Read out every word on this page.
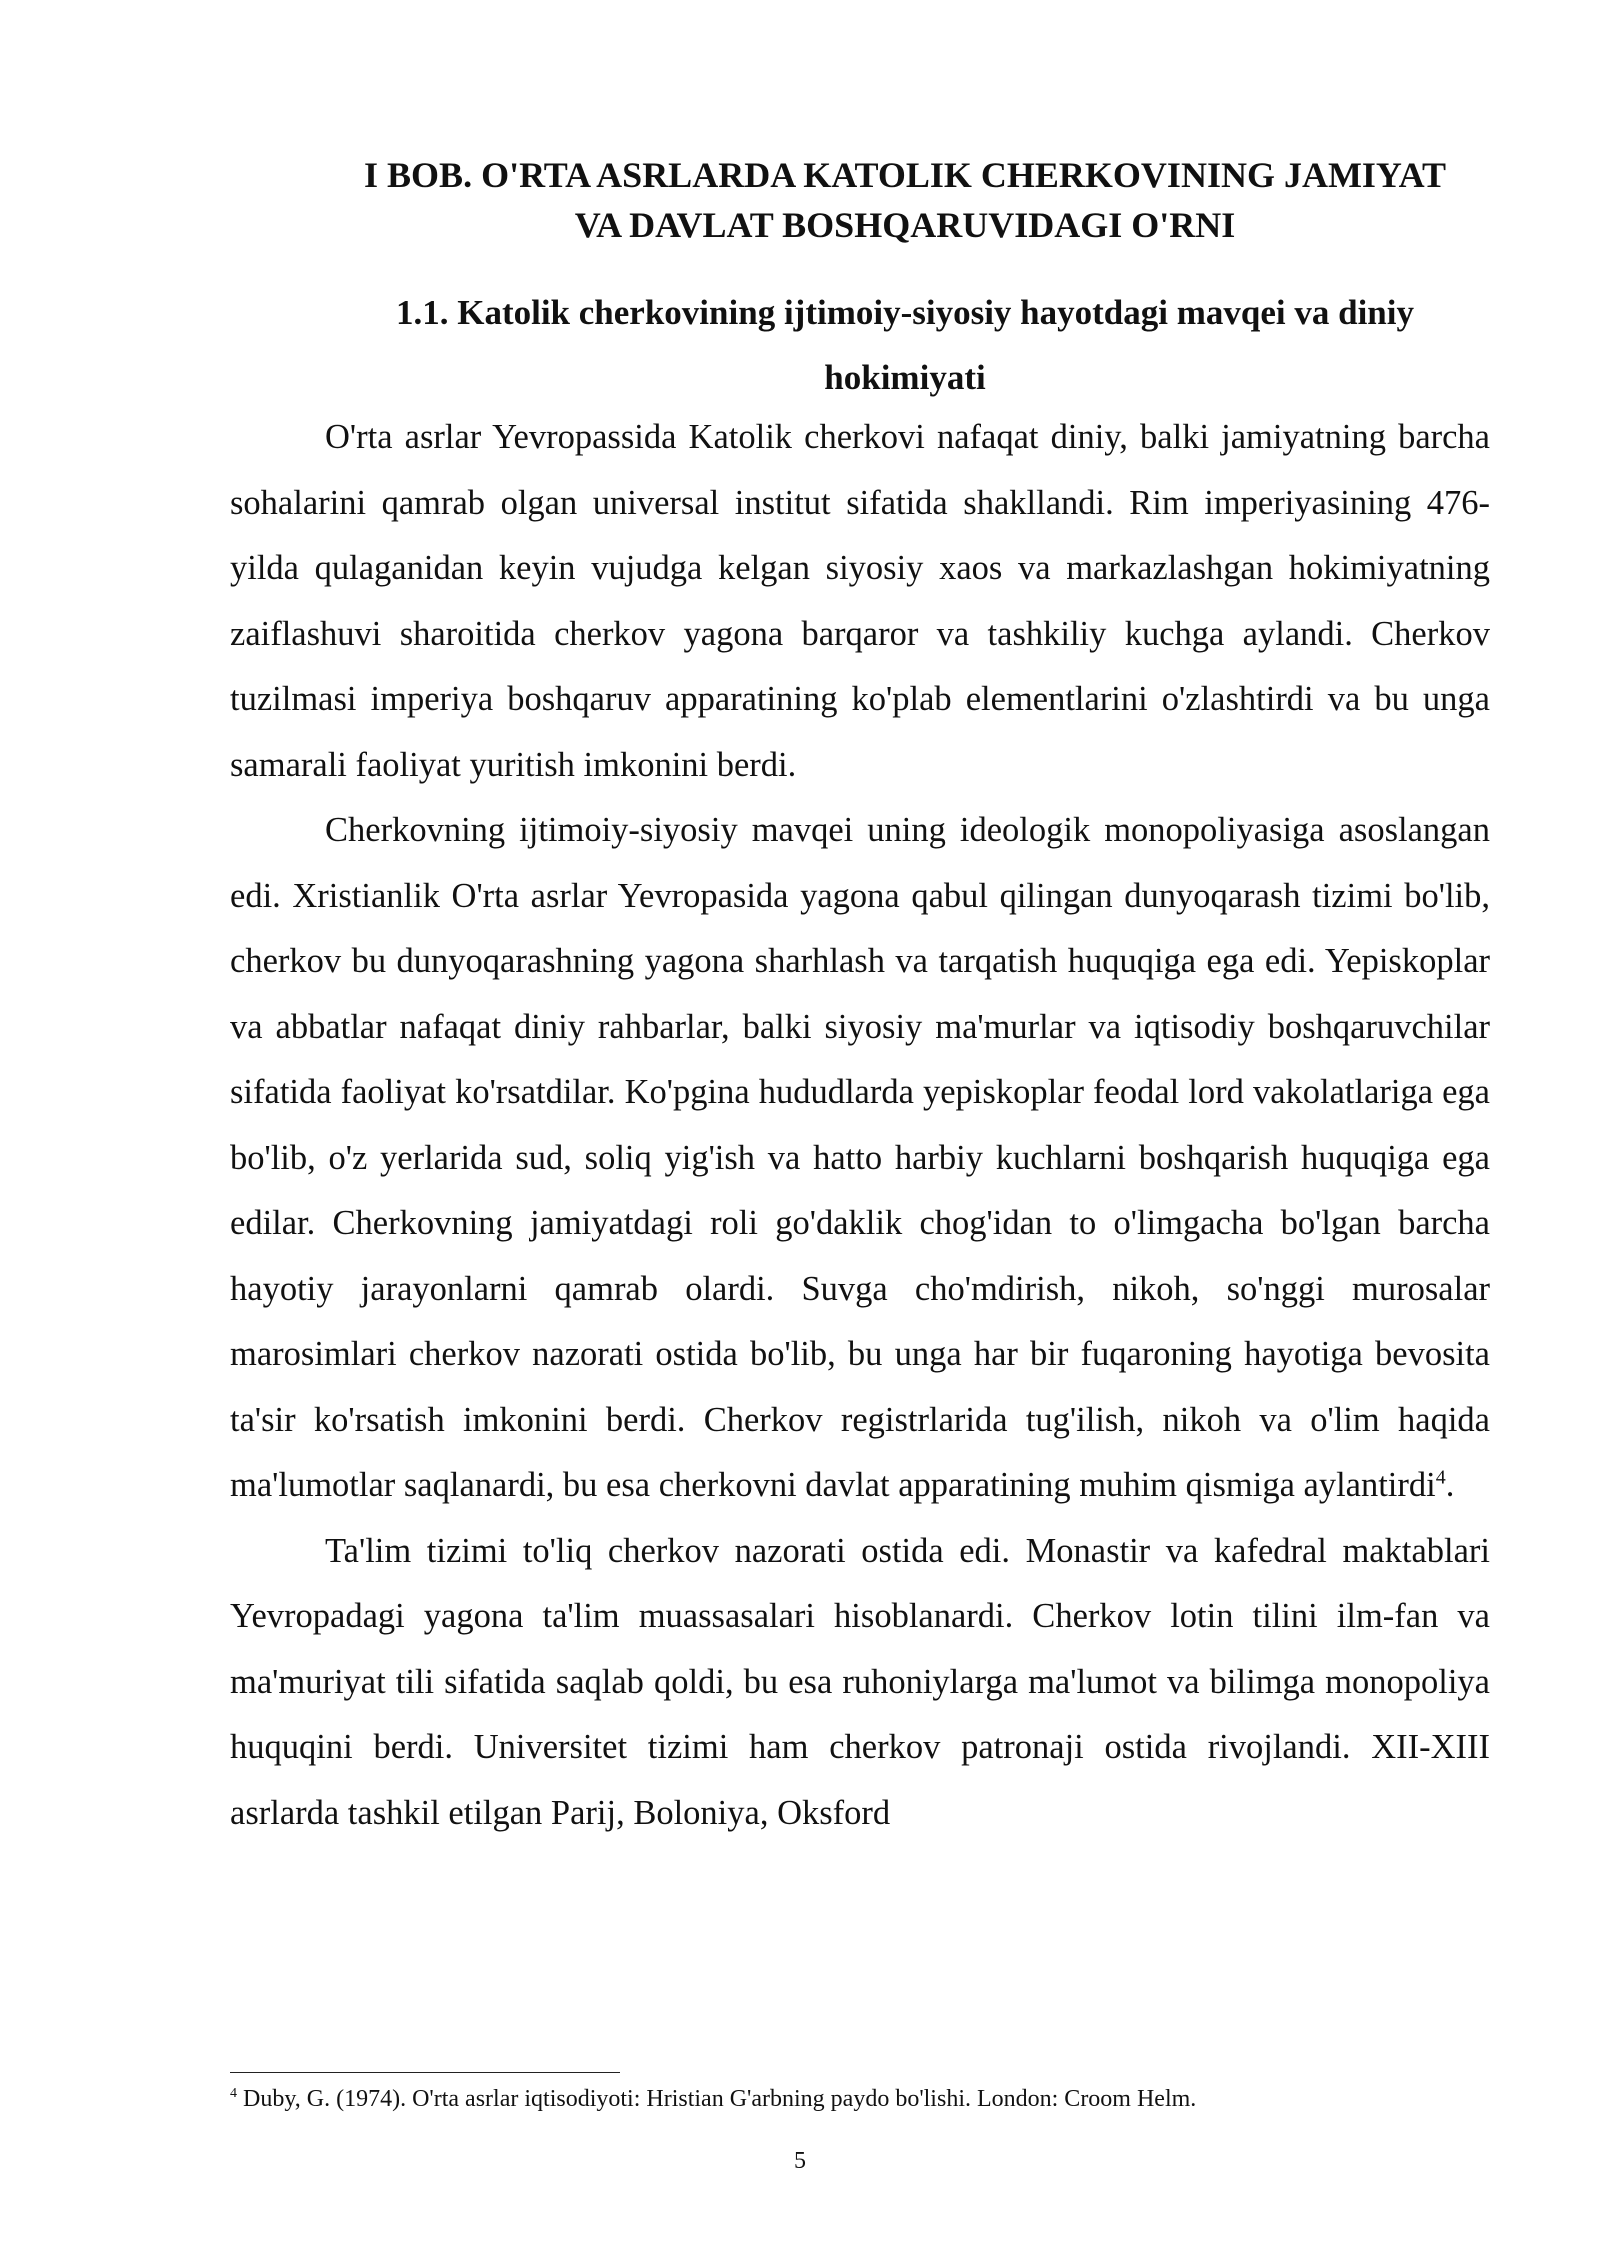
I BOB. O'RTA ASRLARDA KATOLIK CHERKOVINING JAMIYAT
VA DAVLAT BOSHQARUVIDAGI O'RNI
1.1. Katolik cherkovining ijtimoiy-siyosiy hayotdagi mavqei va diniy hokimiyati

O'rta asrlar Yevropassida Katolik cherkovi nafaqat diniy, balki jamiyatning barcha sohalarini qamrab olgan universal institut sifatida shakllandi. Rim imperiyasining 476-yilda qulaganidan keyin vujudga kelgan siyosiy xaos va markazlashgan hokimiyatning zaiflashuvi sharoitida cherkov yagona barqaror va tashkiliy kuchga aylandi. Cherkov tuzilmasi imperiya boshqaruv apparatining ko'plab elementlarini o'zlashtirdi va bu unga samarali faoliyat yuritish imkonini berdi.

Cherkovning ijtimoiy-siyosiy mavqei uning ideologik monopoliyasiga asoslangan edi. Xristianlik O'rta asrlar Yevropasida yagona qabul qilingan dunyoqarash tizimi bo'lib, cherkov bu dunyoqarashning yagona sharhlash va tarqatish huquqiga ega edi. Yepiskoplar va abbatlar nafaqat diniy rahbarlar, balki siyosiy ma'murlar va iqtisodiy boshqaruvchilar sifatida faoliyat ko'rsatdilar. Ko'pgina hududlarda yepiskoplar feodal lord vakolatlariga ega bo'lib, o'z yerlarida sud, soliq yig'ish va hatto harbiy kuchlarni boshqarish huquqiga ega edilar. Cherkovning jamiyatdagi roli go'daklik chog'idan to o'limgacha bo'lgan barcha hayotiy jarayonlarni qamrab olardi. Suvga cho'mdirish, nikoh, so'nggi murosalar marosimlari cherkov nazorati ostida bo'lib, bu unga har bir fuqaroning hayotiga bevosita ta'sir ko'rsatish imkonini berdi. Cherkov registrlarida tug'ilish, nikoh va o'lim haqida ma'lumotlar saqlanardi, bu esa cherkovni davlat apparatining muhim qismiga aylantirdi$^4$.

Ta'lim tizimi to'liq cherkov nazorati ostida edi. Monastir va kafedral maktablari Yevropadagi yagona ta'lim muassasalari hisoblanardi. Cherkov lotin tilini ilm-fan va ma'muriyat tili sifatida saqlab qoldi, bu esa ruhoniylarga ma'lumot va bilimga monopoliya huquqini berdi. Universitet tizimi ham cherkov patronaji ostida rivojlandi. XII-XIII asrlarda tashkil etilgan Parij, Boloniya, Oksford

$^4$ Duby, G. (1974). O'rta asrlar iqtisodiyoti: Hristian G'arbning paydo bo'lishi. London: Croom Helm.
5
